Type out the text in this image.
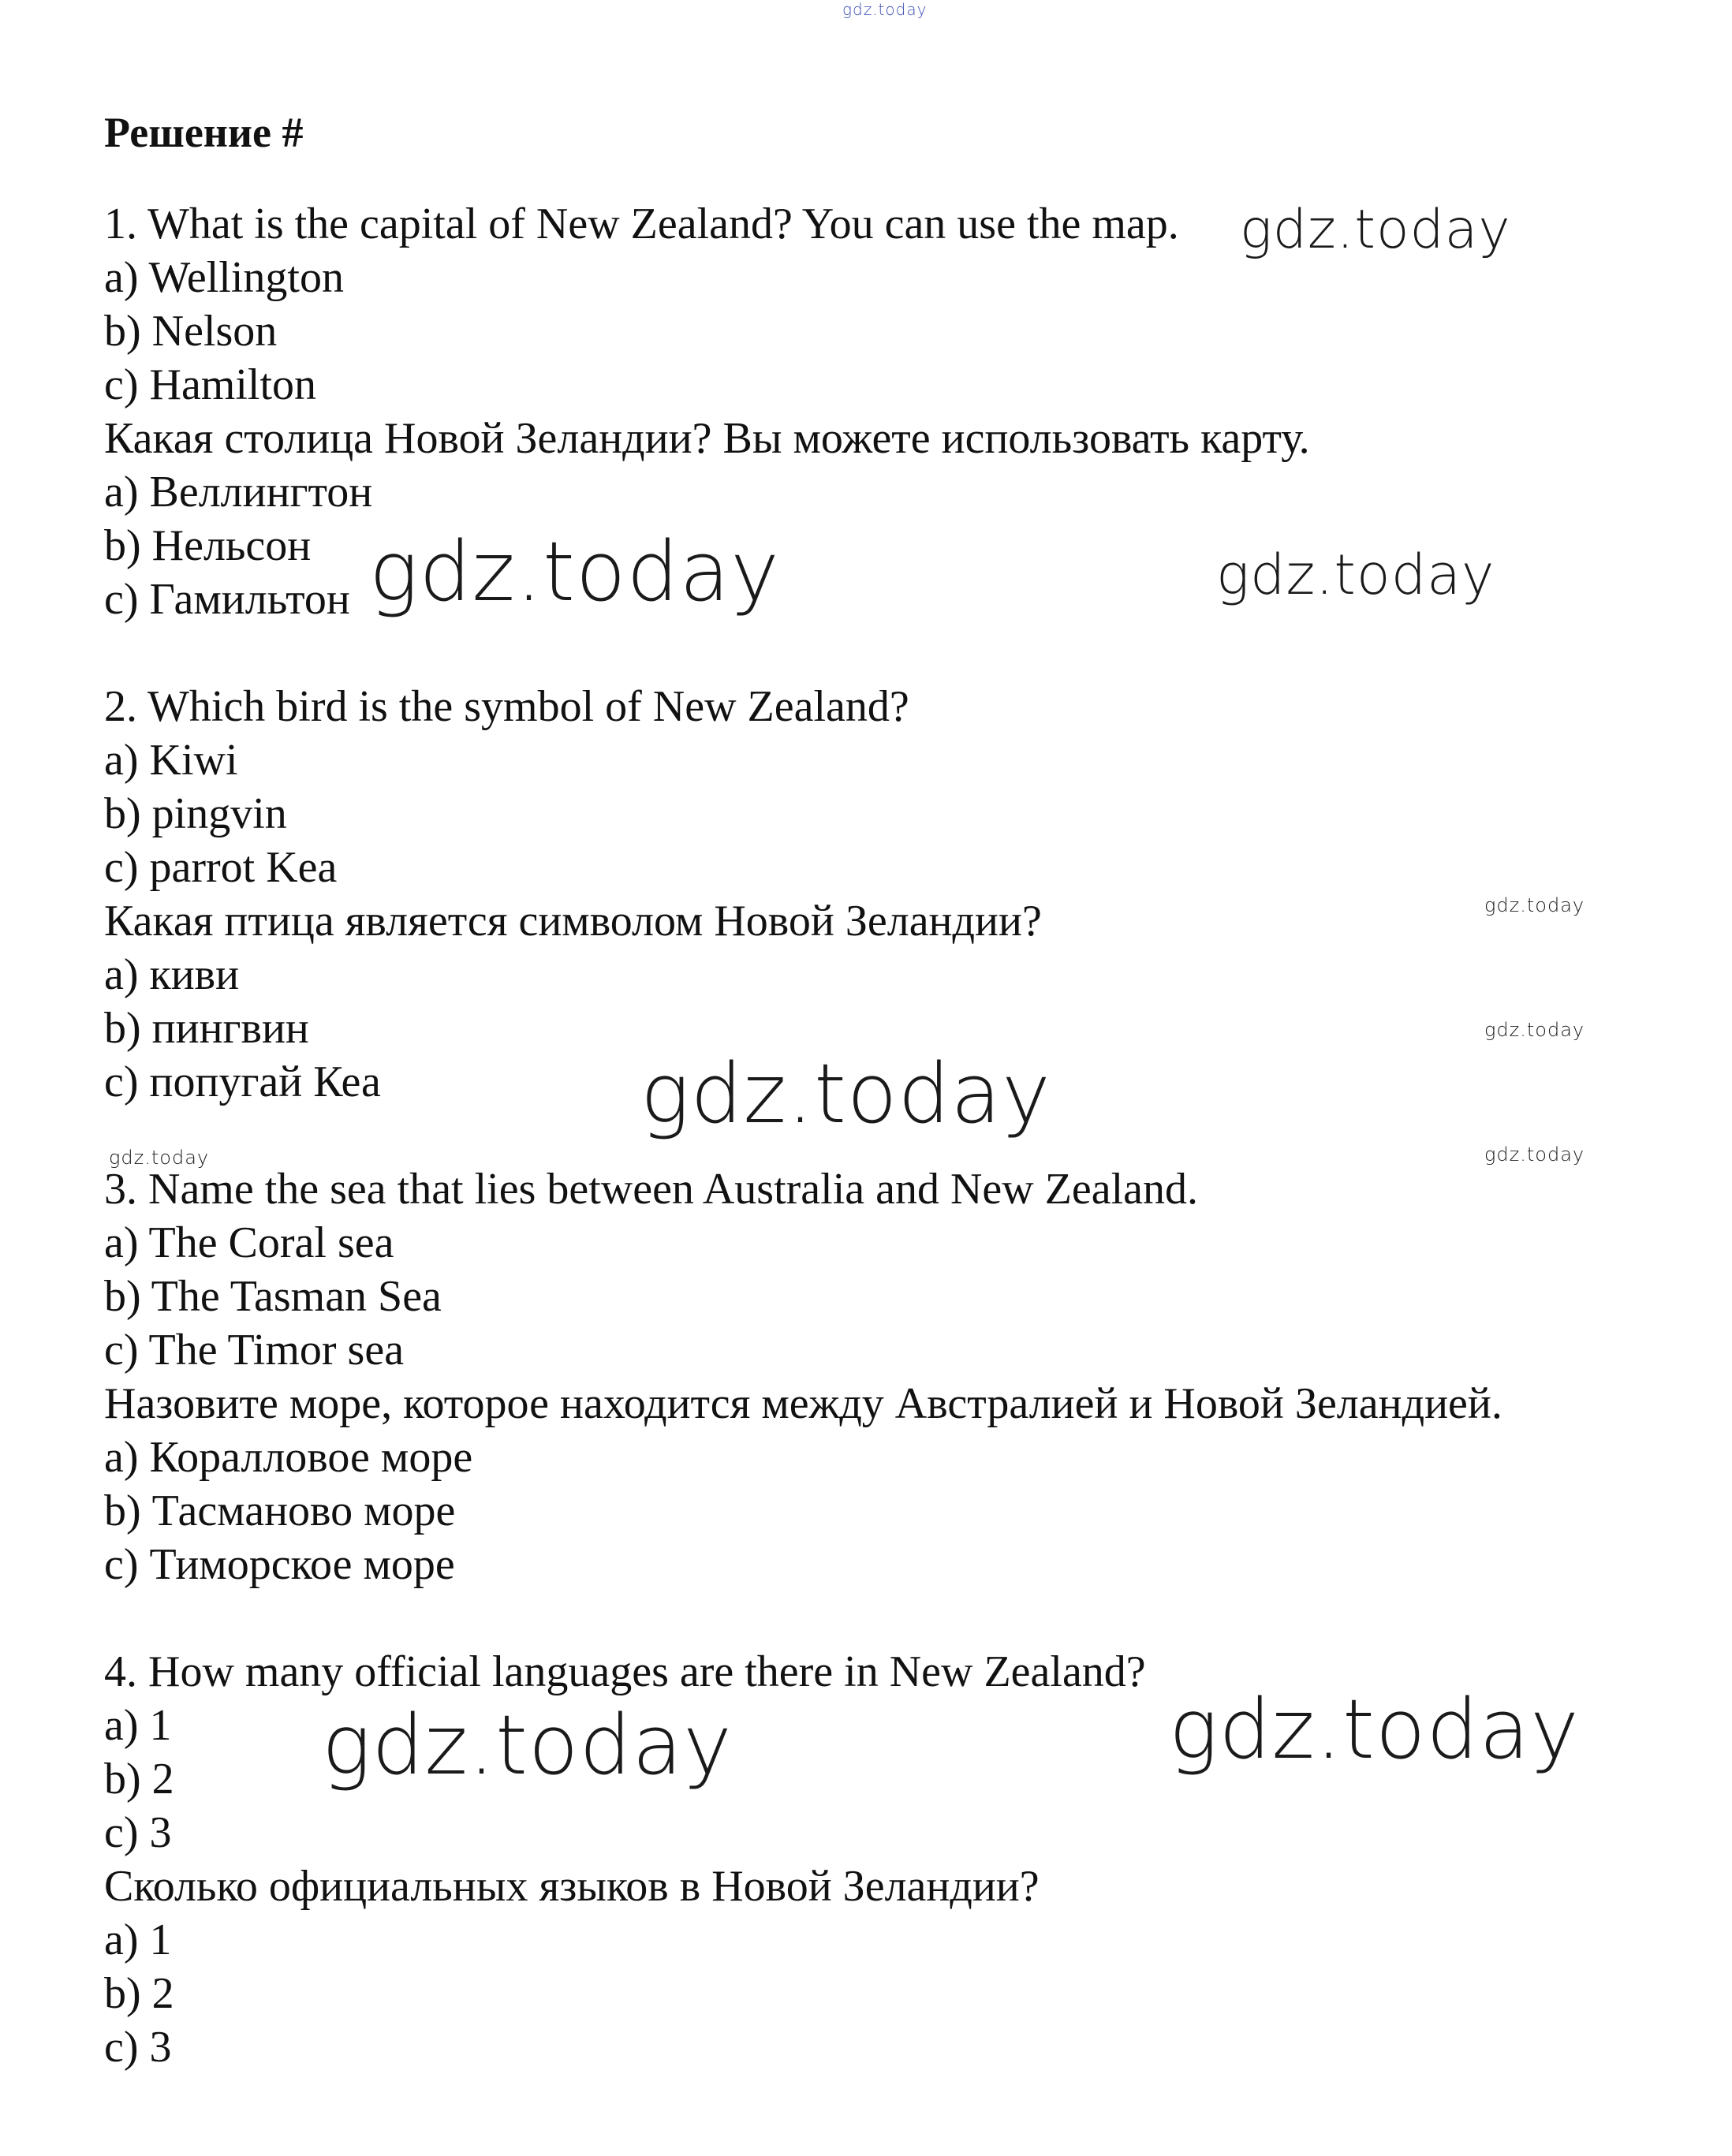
gdz.today
Решение #
1. What is the capital of New Zealand? You can use the map.
a) Wellington
b) Nelson
c) Hamilton
Какая столица Новой Зеландии? Вы можете использовать карту.
a) Веллингтон
b) Нельсон
c) Гамильтон
2. Which bird is the symbol of New Zealand?
a) Kiwi
b) pingvin
c) parrot Kea
Какая птица является символом Новой Зеландии?
a) киви
b) пингвин
c) попугай Кеа
3. Name the sea that lies between Australia and New Zealand.
a) The Coral sea
b) The Tasman Sea
c) The Timor sea
Назовите море, которое находится между Австралией и Новой Зеландией.
a) Коралловое море
b) Тасманово море
c) Тиморское море
4. How many official languages are there in New Zealand?
a) 1
b) 2
c) 3
Сколько официальных языков в Новой Зеландии?
a) 1
b) 2
c) 3
gdz.today
gdz.today	gdz.today
gdz.today
gdz.today
gdz.today
gdz.today	gdz.today
gdz.today	gdz.today
